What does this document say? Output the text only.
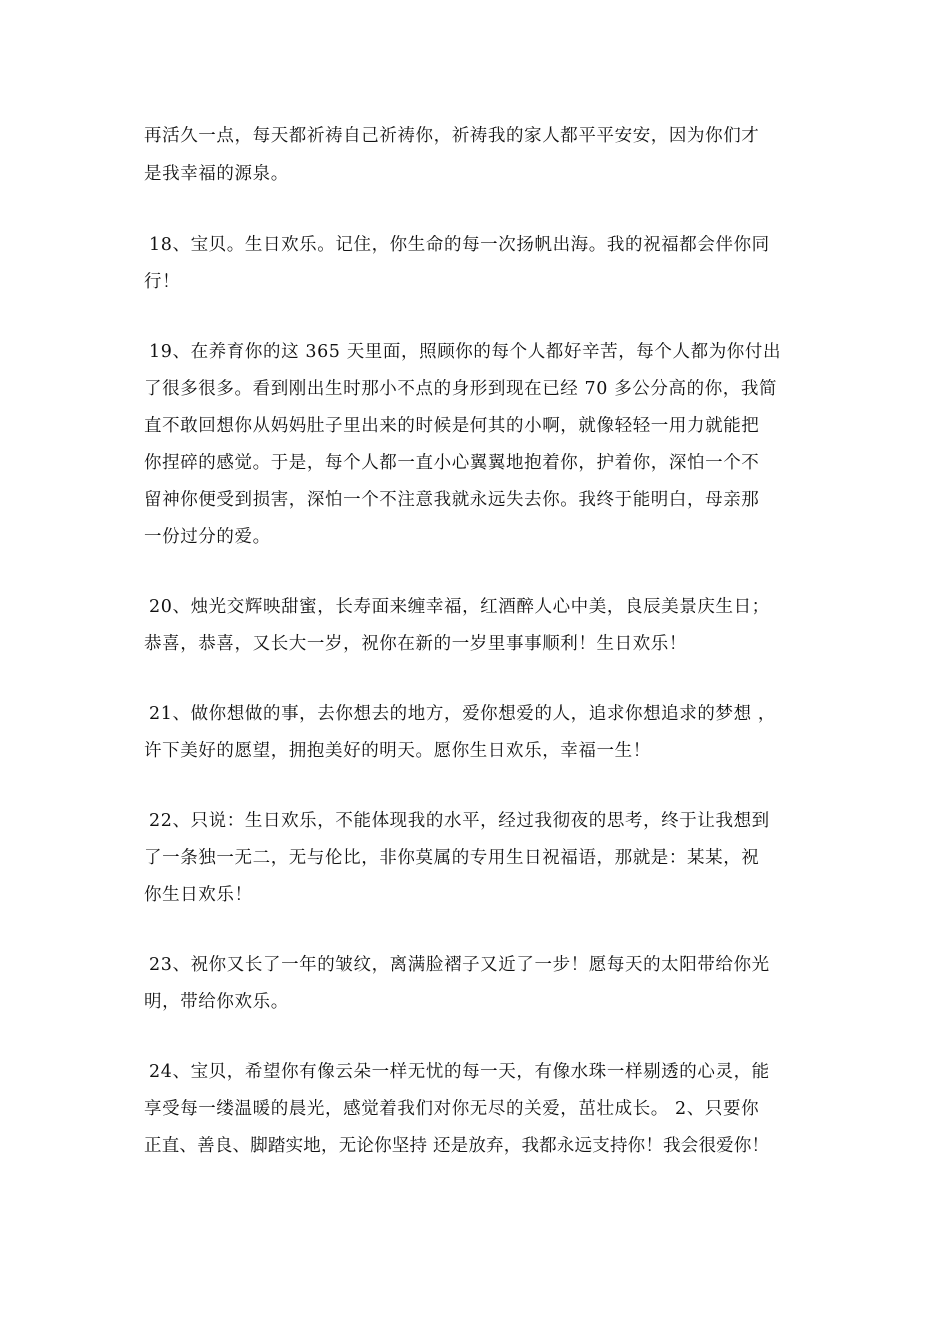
再活久一点，每天都祈祷自己祈祷你，祈祷我的家人都平平安安，因为你们才
是我幸福的源泉。
18、宝贝。生日欢乐。记住，你生命的每一次扬帆出海。我的祝福都会伴你同
行！
19、在养育你的这 365 天里面，照顾你的每个人都好辛苦，每个人都为你付出
了很多很多。看到刚出生时那小不点的身形到现在已经 70 多公分高的你，我简
直不敢回想你从妈妈肚子里出来的时候是何其的小啊，就像轻轻一用力就能把
你捏碎的感觉。于是，每个人都一直小心翼翼地抱着你，护着你，深怕一个不
留神你便受到损害，深怕一个不注意我就永远失去你。我终于能明白，母亲那
一份过分的爱。
20、烛光交辉映甜蜜，长寿面来缠幸福，红酒醉人心中美，良辰美景庆生日；
恭喜，恭喜，又长大一岁，祝你在新的一岁里事事顺利！生日欢乐！
21、做你想做的事，去你想去的地方，爱你想爱的人，追求你想追求的梦想 ，
许下美好的愿望，拥抱美好的明天。愿你生日欢乐，幸福一生！
22、只说：生日欢乐，不能体现我的水平，经过我彻夜的思考，终于让我想到
了一条独一无二，无与伦比，非你莫属的专用生日祝福语，那就是：某某，祝
你生日欢乐！
23、祝你又长了一年的皱纹，离满脸褶子又近了一步！愿每天的太阳带给你光
明，带给你欢乐。
24、宝贝，希望你有像云朵一样无忧的每一天，有像水珠一样剔透的心灵，能
享受每一缕温暖的晨光，感觉着我们对你无尽的关爱，茁壮成长。 2、只要你
正直、善良、脚踏实地，无论你坚持 还是放弃，我都永远支持你！我会很爱你！
